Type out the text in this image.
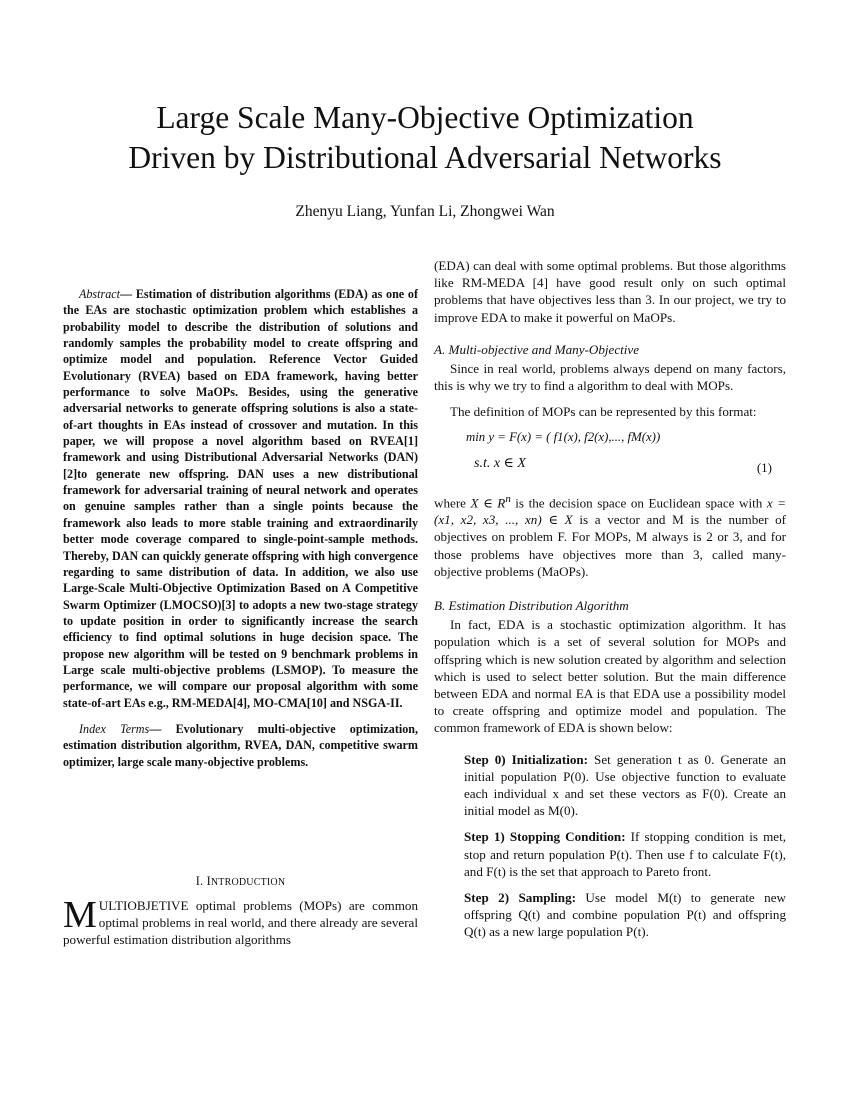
Large Scale Many-Objective Optimization
Driven by Distributional Adversarial Networks
Zhenyu Liang, Yunfan Li, Zhongwei Wan

Abstract— Estimation of distribution algorithms (EDA) as one of the EAs are stochastic optimization problem which establishes a probability model to describe the distribution of solutions and randomly samples the probability model to create offspring and optimize model and population. Reference Vector Guided Evolutionary (RVEA) based on EDA framework, having better performance to solve MaOPs. Besides, using the generative adversarial networks to generate offspring solutions is also a state-of-art thoughts in EAs instead of crossover and mutation. In this paper, we will propose a novel algorithm based on RVEA[1] framework and using Distributional Adversarial Networks (DAN) [2]to generate new offspring. DAN uses a new distributional framework for adversarial training of neural network and operates on genuine samples rather than a single points because the framework also leads to more stable training and extraordinarily better mode coverage compared to single-point-sample methods. Thereby, DAN can quickly generate offspring with high convergence regarding to same distribution of data. In addition, we also use Large-Scale Multi-Objective Optimization Based on A Competitive Swarm Optimizer (LMOCSO)[3] to adopts a new two-stage strategy to update position in order to significantly increase the search efficiency to find optimal solutions in huge decision space. The propose new algorithm will be tested on 9 benchmark problems in Large scale multi-objective problems (LSMOP). To measure the performance, we will compare our proposal algorithm with some state-of-art EAs e.g., RM-MEDA[4], MO-CMA[10] and NSGA-II.

Index Terms— Evolutionary multi-objective optimization, estimation distribution algorithm, RVEA, DAN, competitive swarm optimizer, large scale many-objective problems.

I. INTRODUCTION

MULTIOBJETIVE optimal problems (MOPs) are common optimal problems in real world, and there already are several powerful estimation distribution algorithms

(EDA) can deal with some optimal problems. But those algorithms like RM-MEDA [4] have good result only on such optimal problems that have objectives less than 3. In our project, we try to improve EDA to make it powerful on MaOPs.

A. Multi-objective and Many-Objective

Since in real world, problems always depend on many factors, this is why we try to find a algorithm to deal with MOPs.

The definition of MOPs can be represented by this format:

min y = F(x) = ( f1(x), f2(x),..., fM(x))
s.t. x ∈ X	(1)

where X ∈ $R^n$ is the decision space on Euclidean space with x = (x1, x2, x3, ..., xn) ∈ X is a vector and M is the number of objectives on problem F. For MOPs, M always is 2 or 3, and for those problems have objectives more than 3, called many-objective problems (MaOPs).

B. Estimation Distribution Algorithm

In fact, EDA is a stochastic optimization algorithm. It has population which is a set of several solution for MOPs and offspring which is new solution created by algorithm and selection which is used to select better solution. But the main difference between EDA and normal EA is that EDA use a possibility model to create offspring and optimize model and population. The common framework of EDA is shown below:

Step 0) Initialization: Set generation t as 0. Generate an initial population P(0). Use objective function to evaluate each individual x and set these vectors as F(0). Create an initial model as M(0).

Step 1) Stopping Condition: If stopping condition is met, stop and return population P(t). Then use f to calculate F(t), and F(t) is the set that approach to Pareto front.

Step 2) Sampling: Use model M(t) to generate new offspring Q(t) and combine population P(t) and offspring Q(t) as a new large population P(t).
